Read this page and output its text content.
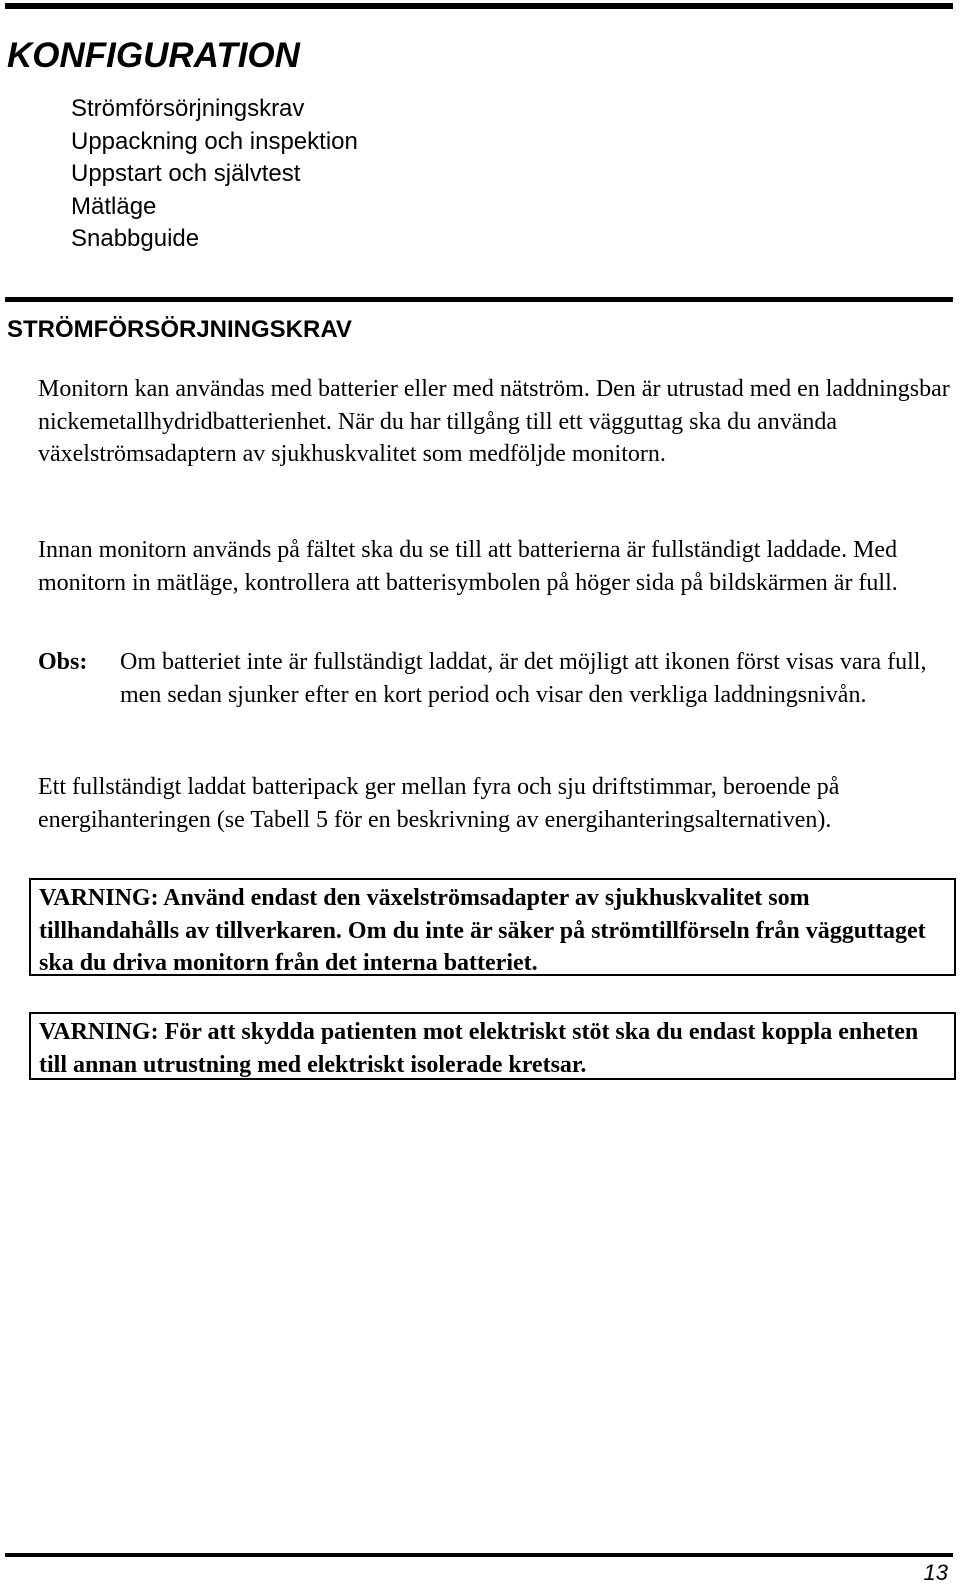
KONFIGURATION
Strömförsörjningskrav
Uppackning och inspektion
Uppstart och självtest
Mätläge
Snabbguide
STRÖMFÖRSÖRJNINGSKRAV

Monitorn kan användas med batterier eller med nätström. Den är utrustad med en laddningsbar nickemetallhydridbatterienhet. När du har tillgång till ett vägguttag ska du använda växelströmsadaptern av sjukhuskvalitet som medföljde monitorn.

Innan monitorn används på fältet ska du se till att batterierna är fullständigt laddade. Med monitorn in mätläge, kontrollera att batterisymbolen på höger sida på bildskärmen är full.

Obs: Om batteriet inte är fullständigt laddat, är det möjligt att ikonen först visas vara full, men sedan sjunker efter en kort period och visar den verkliga laddningsnivån.

Ett fullständigt laddat batteripack ger mellan fyra och sju driftstimmar, beroende på energihanteringen (se Tabell 5 för en beskrivning av energihanteringsalternativen).

VARNING: Använd endast den växelströmsadapter av sjukhuskvalitet som tillhandahålls av tillverkaren. Om du inte är säker på strömtillförseln från vägguttaget ska du driva monitorn från det interna batteriet.
VARNING: För att skydda patienten mot elektriskt stöt ska du endast koppla enheten till annan utrustning med elektriskt isolerade kretsar.

13
